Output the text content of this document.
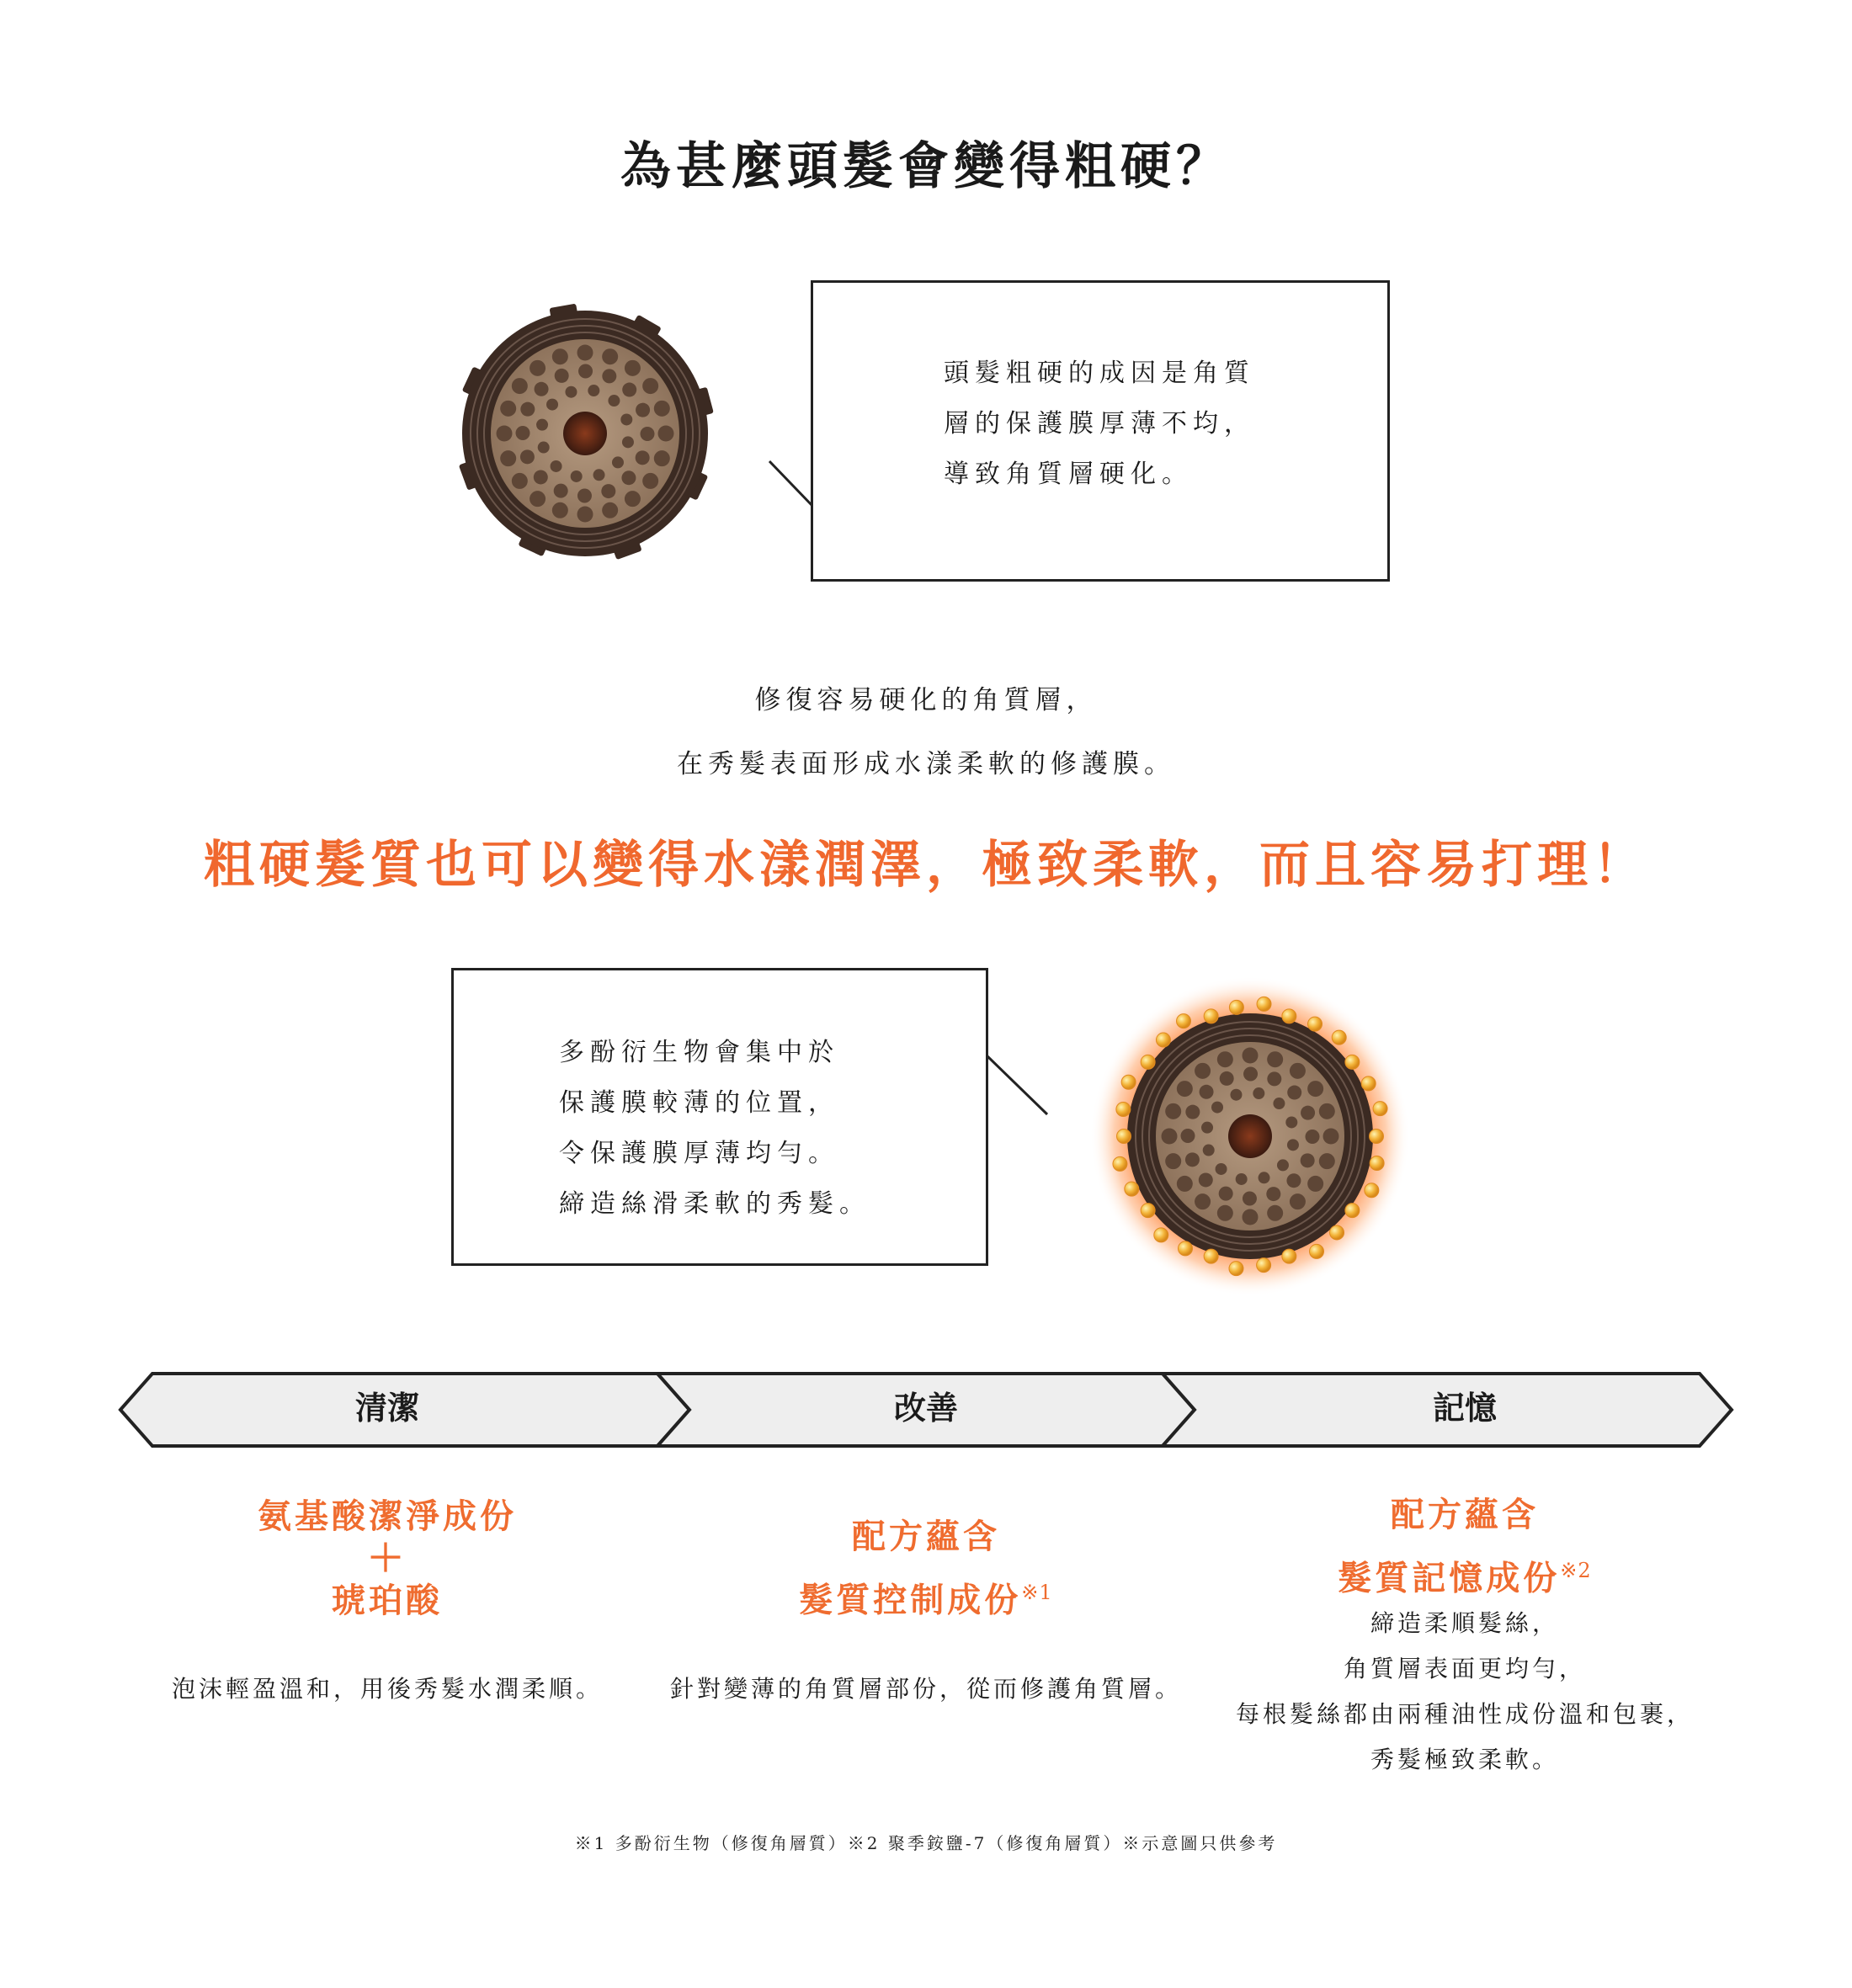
為甚麼頭髮會變得粗硬？
頭髮粗硬的成因是角質
層的保護膜厚薄不均，
導致角質層硬化。
修復容易硬化的角質層，
在秀髮表面形成水漾柔軟的修護膜。
粗硬髮質也可以變得水漾潤澤，極致柔軟，而且容易打理！
多酚衍生物會集中於
保護膜較薄的位置，
令保護膜厚薄均勻。
締造絲滑柔軟的秀髮。
清潔	改善	記憶
氨基酸潔淨成份
＋
琥珀酸
泡沫輕盈溫和，用後秀髮水潤柔順。
配方蘊含
髮質控制成份$^{※1}$
針對變薄的角質層部份，從而修護角質層。
配方蘊含
髮質記憶成份$^{※2}$
締造柔順髮絲，
角質層表面更均勻，
每根髮絲都由兩種油性成份溫和包裹，
秀髮極致柔軟。
※1 多酚衍生物（修復角層質）※2 聚季銨鹽-7（修復角層質）※示意圖只供參考
